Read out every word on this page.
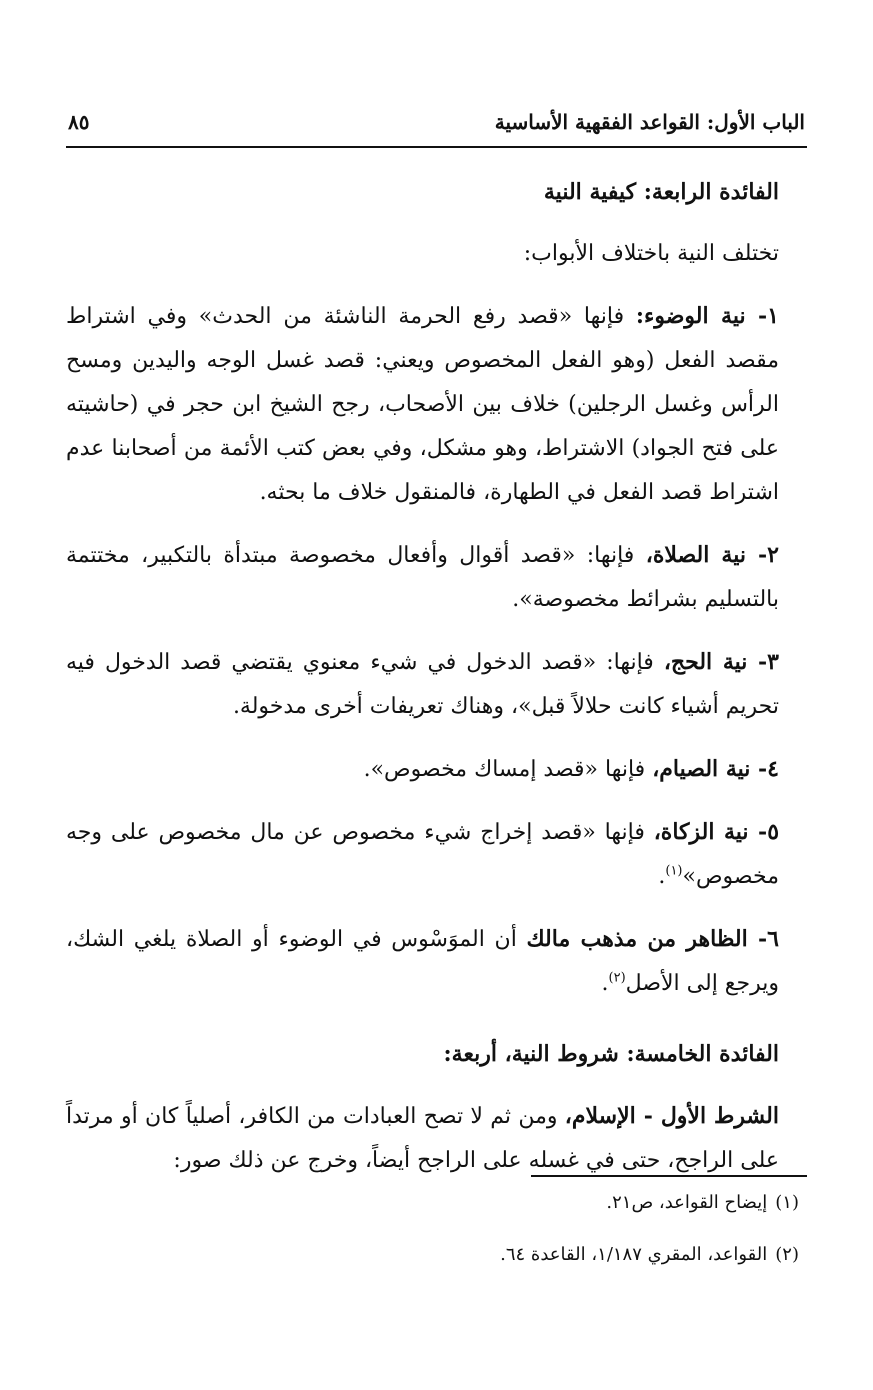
الباب الأول: القواعد الفقهية الأساسية
٨٥
الفائدة الرابعة: كيفية النية

تختلف النية باختلاف الأبواب:

١- نية الوضوء: فإنها «قصد رفع الحرمة الناشئة من الحدث» وفي اشتراط مقصد الفعل (وهو الفعل المخصوص ويعني: قصد غسل الوجه واليدين ومسح الرأس وغسل الرجلين) خلاف بين الأصحاب، رجح الشيخ ابن حجر في (حاشيته على فتح الجواد) الاشتراط، وهو مشكل، وفي بعض كتب الأئمة من أصحابنا عدم اشتراط قصد الفعل في الطهارة، فالمنقول خلاف ما بحثه.

٢- نية الصلاة، فإنها: «قصد أقوال وأفعال مخصوصة مبتدأة بالتكبير، مختتمة بالتسليم بشرائط مخصوصة».

٣- نية الحج، فإنها: «قصد الدخول في شيء معنوي يقتضي قصد الدخول فيه تحريم أشياء كانت حلالاً قبل»، وهناك تعريفات أخرى مدخولة.

٤- نية الصيام، فإنها «قصد إمساك مخصوص».

٥- نية الزكاة، فإنها «قصد إخراج شيء مخصوص عن مال مخصوص على وجه مخصوص»$^{(١)}$.

٦- الظاهر من مذهب مالك أن الموَسْوس في الوضوء أو الصلاة يلغي الشك، ويرجع إلى الأصل$^{(٢)}$.

الفائدة الخامسة: شروط النية، أربعة:

الشرط الأول - الإسلام، ومن ثم لا تصح العبادات من الكافر، أصلياً كان أو مرتداً على الراجح، حتى في غسله على الراجح أيضاً، وخرج عن ذلك صور:

(١)إيضاح القواعد، ص٢١.
(٢)القواعد، المقري ١/١٨٧، القاعدة ٦٤.
